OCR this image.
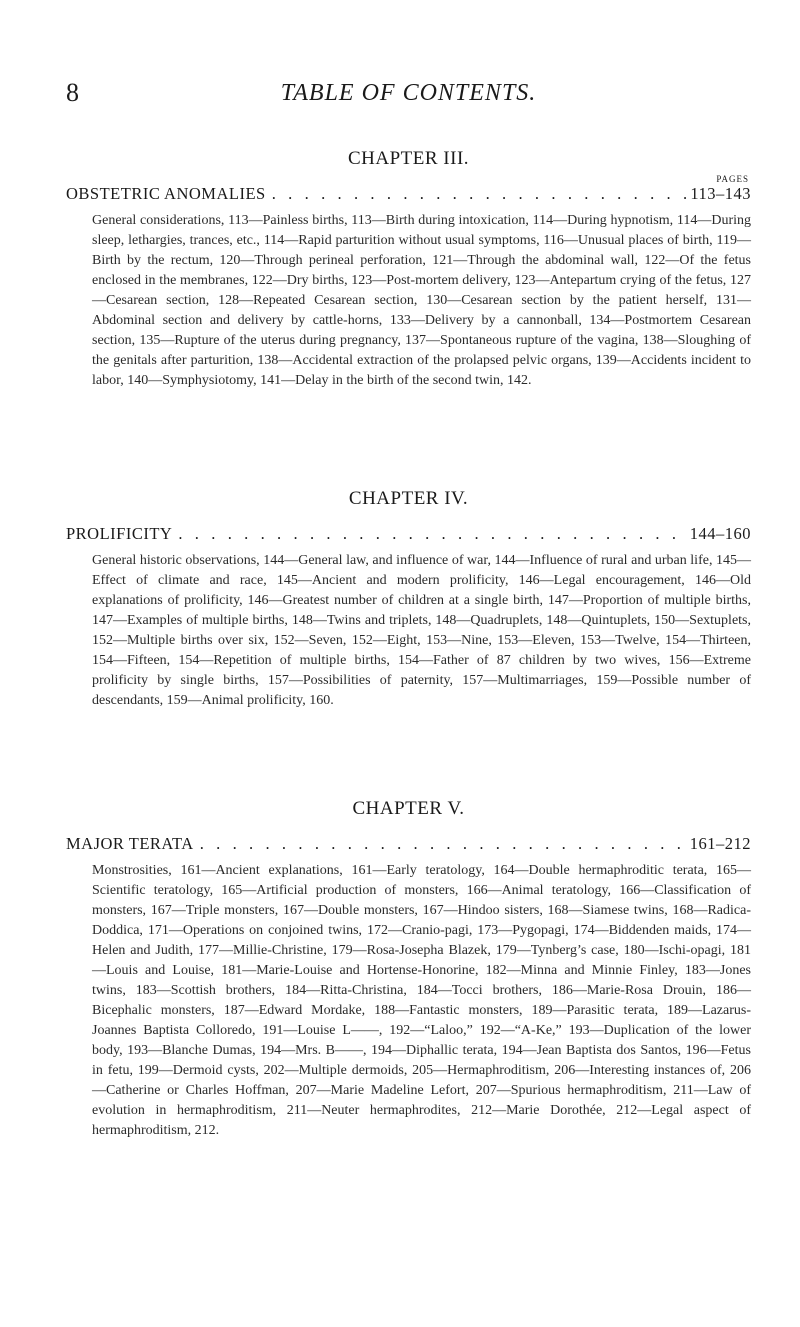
8	TABLE OF CONTENTS.
CHAPTER III.
PAGES
OBSTETRIC ANOMALIES . . .	113–143

General considerations, 113—Painless births, 113—Birth during intoxication, 114—During hypnotism, 114—During sleep, lethargies, trances, etc., 114—Rapid parturition without usual symptoms, 116—Unusual places of birth, 119—Birth by the rectum, 120—Through perineal perforation, 121—Through the abdominal wall, 122—Of the fetus enclosed in the membranes, 122—Dry births, 123—Post-mortem delivery, 123—Antepartum crying of the fetus, 127—Cesarean section, 128—Repeated Cesarean section, 130—Cesarean section by the patient herself, 131—Abdominal section and delivery by cattle-horns, 133—Delivery by a cannonball, 134—Postmortem Cesarean section, 135—Rupture of the uterus during pregnancy, 137—Spontaneous rupture of the vagina, 138—Sloughing of the genitals after parturition, 138—Accidental extraction of the prolapsed pelvic organs, 139—Accidents incident to labor, 140—Symphysiotomy, 141—Delay in the birth of the second twin, 142.

CHAPTER IV.
PROLIFICITY . . .	144–160

General historic observations, 144—General law, and influence of war, 144—Influence of rural and urban life, 145—Effect of climate and race, 145—Ancient and modern prolificity, 146—Legal encouragement, 146—Old explanations of prolificity, 146—Greatest number of children at a single birth, 147—Proportion of multiple births, 147—Examples of multiple births, 148—Twins and triplets, 148—Quadruplets, 148—Quintuplets, 150—Sextuplets, 152—Multiple births over six, 152—Seven, 152—Eight, 153—Nine, 153—Eleven, 153—Twelve, 154—Thirteen, 154—Fifteen, 154—Repetition of multiple births, 154—Father of 87 children by two wives, 156—Extreme prolificity by single births, 157—Possibilities of paternity, 157—Multimarriages, 159—Possible number of descendants, 159—Animal prolificity, 160.

CHAPTER V.
MAJOR TERATA . . .	161–212

Monstrosities, 161—Ancient explanations, 161—Early teratology, 164—Double hermaphroditic terata, 165—Scientific teratology, 165—Artificial production of monsters, 166—Animal teratology, 166—Classification of monsters, 167—Triple monsters, 167—Double monsters, 167—Hindoo sisters, 168—Siamese twins, 168—Radica-Doddica, 171—Operations on conjoined twins, 172—Cranio-pagi, 173—Pygopagi, 174—Biddenden maids, 174—Helen and Judith, 177—Millie-Christine, 179—Rosa-Josepha Blazek, 179—Tynberg’s case, 180—Ischi-opagi, 181—Louis and Louise, 181—Marie-Louise and Hortense-Honorine, 182—Minna and Minnie Finley, 183—Jones twins, 183—Scottish brothers, 184—Ritta-Christina, 184—Tocci brothers, 186—Marie-Rosa Drouin, 186—Bicephalic monsters, 187—Edward Mordake, 188—Fantastic monsters, 189—Parasitic terata, 189—Lazarus-Joannes Baptista Colloredo, 191—Louise L——, 192—“Laloo,” 192—“A-Ke,” 193—Duplication of the lower body, 193—Blanche Dumas, 194—Mrs. B——, 194—Diphallic terata, 194—Jean Baptista dos Santos, 196—Fetus in fetu, 199—Dermoid cysts, 202—Multiple dermoids, 205—Hermaphroditism, 206—Interesting instances of, 206—Catherine or Charles Hoffman, 207—Marie Madeline Lefort, 207—Spurious hermaphroditism, 211—Law of evolution in hermaphroditism, 211—Neuter hermaphrodites, 212—Marie Dorothée, 212—Legal aspect of hermaphroditism, 212.
